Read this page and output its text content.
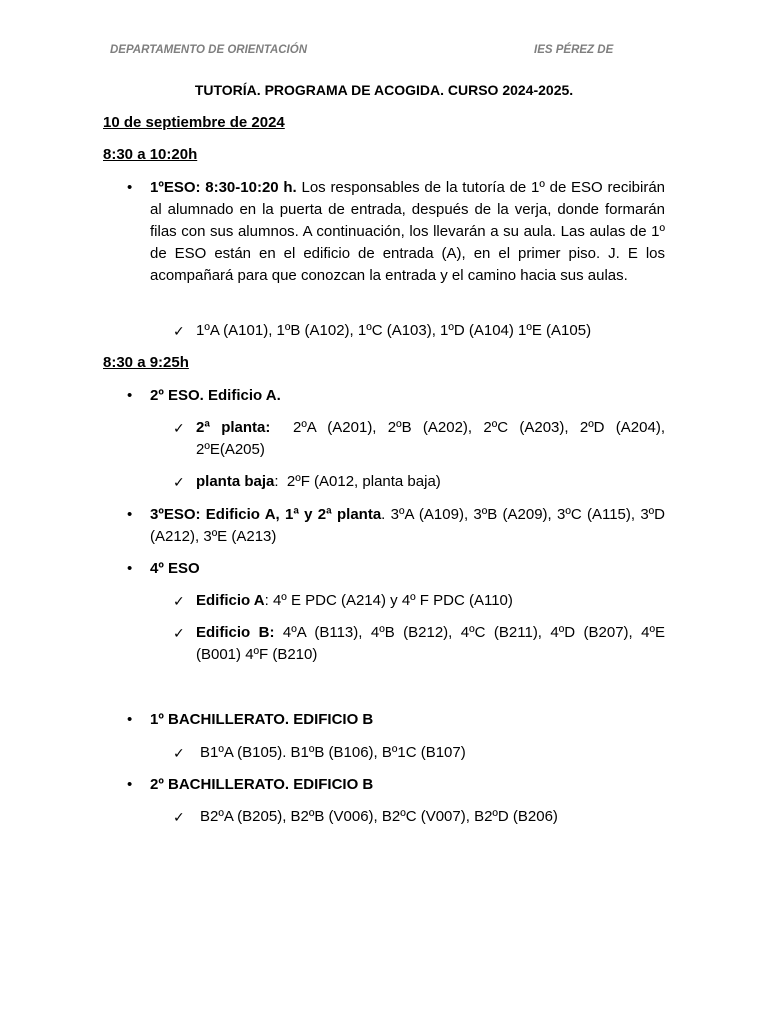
DEPARTAMENTO DE ORIENTACIÓN	IES PÉREZ DE
TUTORÍA. PROGRAMA DE ACOGIDA. CURSO 2024-2025.
10 de septiembre de 2024
8:30 a 10:20h
• 1ºESO: 8:30-10:20 h. Los responsables de la tutoría de 1º de ESO recibirán al alumnado en la puerta de entrada, después de la verja, donde formarán filas con sus alumnos. A continuación, los llevarán a su aula. Las aulas de 1º de ESO están en el edificio de entrada (A), en el primer piso. J. E los acompañará para que conozcan la entrada y el camino hacia sus aulas.
✓ 1ºA (A101), 1ºB (A102), 1ºC (A103), 1ºD (A104) 1ºE (A105)
8:30 a 9:25h
• 2º ESO. Edificio A.
✓ 2ª planta: 2ºA (A201), 2ºB (A202), 2ºC (A203), 2ºD (A204), 2ºE(A205)
✓ planta baja: 2ºF (A012, planta baja)
• 3ºESO: Edificio A, 1ª y 2ª planta. 3ºA (A109), 3ºB (A209), 3ºC (A115), 3ºD (A212), 3ºE (A213)
• 4º ESO
✓ Edificio A: 4º E PDC (A214) y 4º F PDC (A110)
✓ Edificio B: 4ºA (B113), 4ºB (B212), 4ºC (B211), 4ºD (B207), 4ºE (B001) 4ºF (B210)
• 1º BACHILLERATO. EDIFICIO B
✓ B1ºA (B105). B1ºB (B106), Bº1C (B107)
• 2º BACHILLERATO. EDIFICIO B
✓ B2ºA (B205), B2ºB (V006), B2ºC (V007), B2ºD (B206)
